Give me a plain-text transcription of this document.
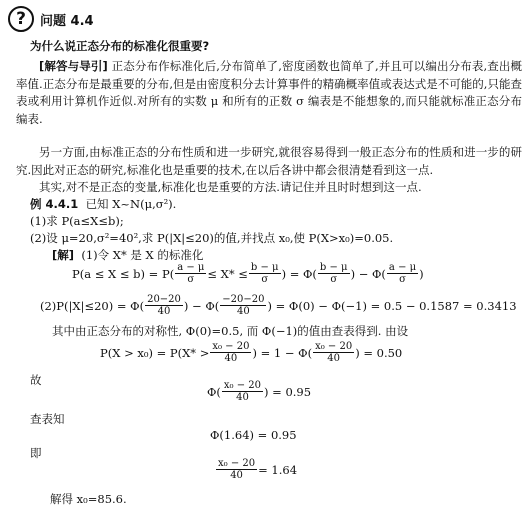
?	问题 4.4

为什么说正态分布的标准化很重要?

[解答与导引] 正态分布作标准化后,分布简单了,密度函数也简单了,并且可以编出分布表,查出概率值.正态分布是最重要的分布,但是由密度积分去计算事件的精确概率值或表达式是不可能的,只能查表或利用计算机作近似.对所有的实数 μ 和所有的正数 σ 编表是不能想象的,而只能就标准正态分布编表.

另一方面,由标准正态的分布性质和进一步研究,就很容易得到一般正态分布的性质和进一步的研究.因此对正态的研究,标准化也是重要的技术,在以后各讲中都会很清楚看到这一点.

其实,对不是正态的变量,标准化也是重要的方法.请记住并且时时想到这一点.

例 4.4.1 已知 X~N(μ,σ²).

(1)求 P(a≤X≤b);

(2)设 μ=20,σ²=40²,求 P(|X|≤20)的值,并找点 x₀,使 P(X>x₀)=0.05.

[解] (1)令 X* 是 X 的标准化

$P(a \le X \le b) = P( \frac{a - \mu}{\sigma} \le X* \le \frac{b - \mu}{\sigma}$ ) = $\Phi( \frac{b - \mu}{\sigma}$ ) − $\Phi( \frac{a - \mu}{\sigma}$ )
$(2)P(|X|\le 20) = \Phi( \frac{20-20}{40}$ ) − $\Phi( \frac{-20-20}{40}$ ) = Φ(0) − Φ(−1) = 0.5 − 0.1587 = 0.3413

其中由正态分布的对称性, Φ(0)=0.5, 而 Φ(−1)的值由查表得到. 由设

$P(X > x_0) = P(X* > \frac{\text{x₀ − 20}}{40}$ ) = $1 - \Phi( \frac{\text{x₀ − 20}}{40}$ ) = 0.50
故
$\Phi( \frac{\text{x₀ − 20}}{40}$ ) = 0.95
查表知
Φ(1.64) = 0.95
即
$\frac{\text{x₀ − 20}}{40} = 1.64$
解得 x₀=85.6.
